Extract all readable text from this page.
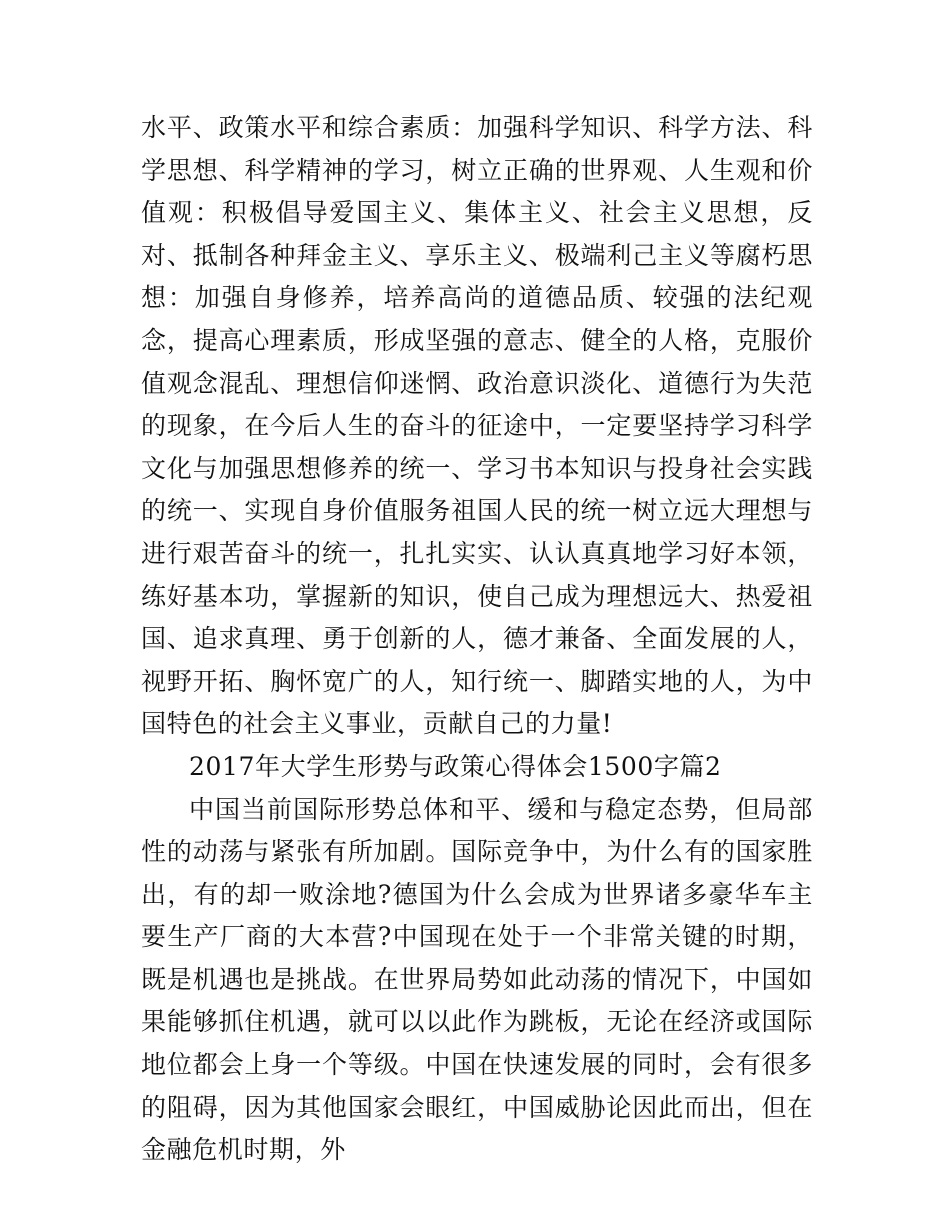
水平、政策水平和综合素质：加强科学知识、科学方法、科学思想、科学精神的学习，树立正确的世界观、人生观和价值观：积极倡导爱国主义、集体主义、社会主义思想，反对、抵制各种拜金主义、享乐主义、极端利己主义等腐朽思想：加强自身修养，培养高尚的道德品质、较强的法纪观念，提高心理素质，形成坚强的意志、健全的人格，克服价值观念混乱、理想信仰迷惘、政治意识淡化、道德行为失范的现象，在今后人生的奋斗的征途中，一定要坚持学习科学文化与加强思想修养的统一、学习书本知识与投身社会实践的统一、实现自身价值服务祖国人民的统一树立远大理想与进行艰苦奋斗的统一，扎扎实实、认认真真地学习好本领，练好基本功，掌握新的知识，使自己成为理想远大、热爱祖国、追求真理、勇于创新的人，德才兼备、全面发展的人，视野开拓、胸怀宽广的人，知行统一、脚踏实地的人，为中国特色的社会主义事业，贡献自己的力量!

2017年大学生形势与政策心得体会1500字篇2

中国当前国际形势总体和平、缓和与稳定态势，但局部性的动荡与紧张有所加剧。国际竞争中，为什么有的国家胜出，有的却一败涂地?德国为什么会成为世界诸多豪华车主要生产厂商的大本营?中国现在处于一个非常关键的时期，既是机遇也是挑战。在世界局势如此动荡的情况下，中国如果能够抓住机遇，就可以以此作为跳板，无论在经济或国际地位都会上身一个等级。中国在快速发展的同时，会有很多的阻碍，因为其他国家会眼红，中国威胁论因此而出，但在金融危机时期，外
